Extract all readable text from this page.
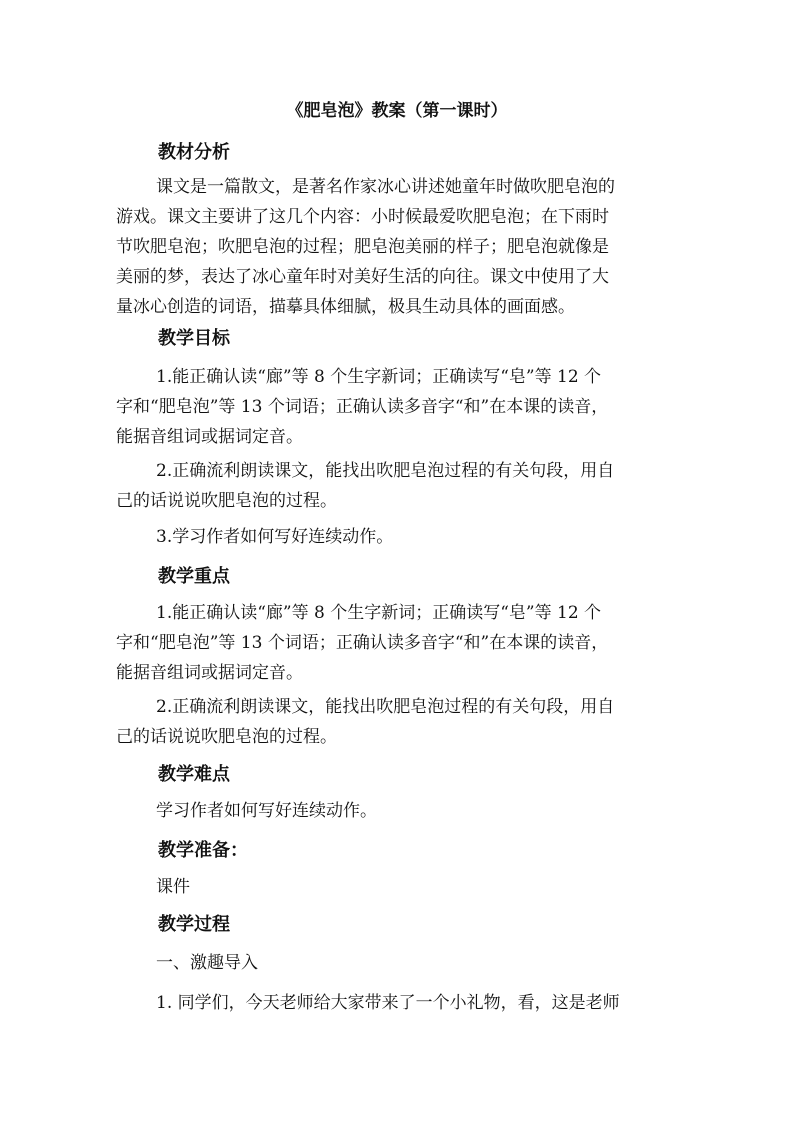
《肥皂泡》教案（第一课时）
教材分析
课文是一篇散文，是著名作家冰心讲述她童年时做吹肥皂泡的
游戏。课文主要讲了这几个内容：小时候最爱吹肥皂泡；在下雨时
节吹肥皂泡；吹肥皂泡的过程；肥皂泡美丽的样子；肥皂泡就像是
美丽的梦，表达了冰心童年时对美好生活的向往。课文中使用了大
量冰心创造的词语，描摹具体细腻，极具生动具体的画面感。
教学目标
1.能正确认读“廊”等 8 个生字新词；正确读写“皂”等 12 个
字和“肥皂泡”等 13 个词语；正确认读多音字“和”在本课的读音，
能据音组词或据词定音。
2.正确流利朗读课文，能找出吹肥皂泡过程的有关句段，用自
己的话说说吹肥皂泡的过程。
3.学习作者如何写好连续动作。
教学重点
1.能正确认读“廊”等 8 个生字新词；正确读写“皂”等 12 个
字和“肥皂泡”等 13 个词语；正确认读多音字“和”在本课的读音，
能据音组词或据词定音。
2.正确流利朗读课文，能找出吹肥皂泡过程的有关句段，用自
己的话说说吹肥皂泡的过程。
教学难点
学习作者如何写好连续动作。
教学准备：
课件
教学过程
一、激趣导入
1. 同学们，今天老师给大家带来了一个小礼物，看，这是老师
